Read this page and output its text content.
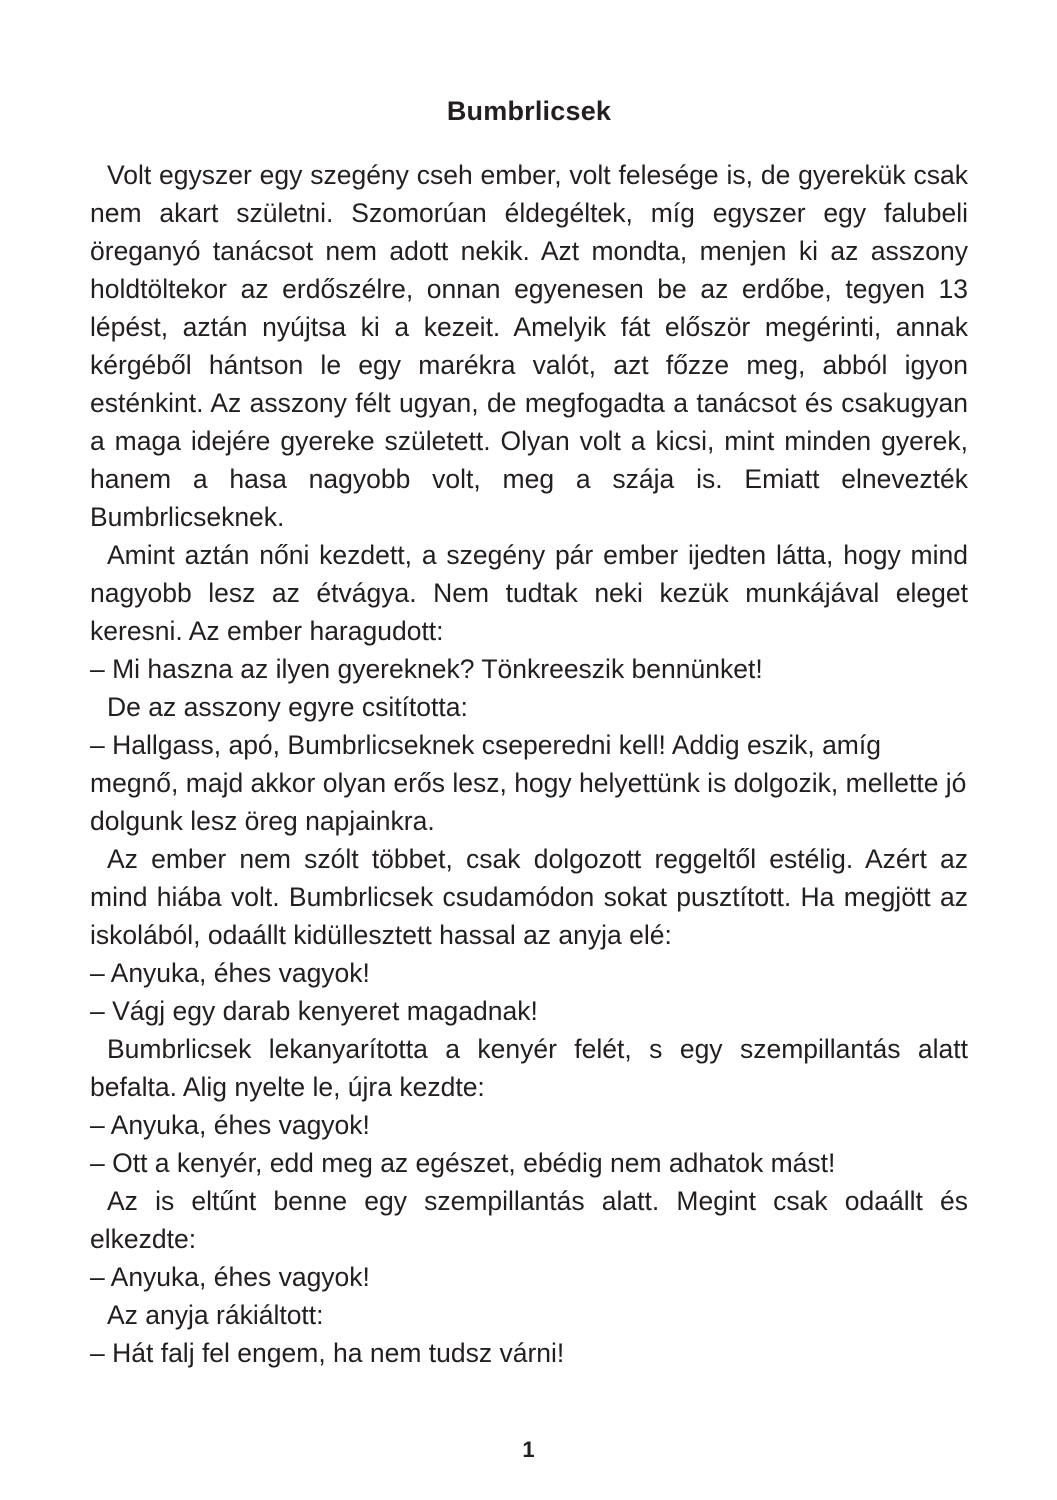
Bumbrlicsek

Volt egyszer egy szegény cseh ember, volt felesége is, de gyerekük csak nem akart születni. Szomorúan éldegéltek, míg egyszer egy falubeli öreganyó tanácsot nem adott nekik. Azt mondta, menjen ki az asszony holdtöltekor az erdőszélre, onnan egyenesen be az erdőbe, tegyen 13 lépést, aztán nyújtsa ki a kezeit. Amelyik fát először megérinti, annak kérgéből hántson le egy marékra valót, azt főzze meg, abból igyon esténkint. Az asszony félt ugyan, de megfogadta a tanácsot és csakugyan a maga idejére gyereke született. Olyan volt a kicsi, mint minden gyerek, hanem a hasa nagyobb volt, meg a szája is. Emiatt elnevezték Bumbrlicseknek.

Amint aztán nőni kezdett, a szegény pár ember ijedten látta, hogy mind nagyobb lesz az étvágya. Nem tudtak neki kezük munkájával eleget keresni. Az ember haragudott:

– Mi haszna az ilyen gyereknek? Tönkreeszik bennünket!

De az asszony egyre csitította:

– Hallgass, apó, Bumbrlicseknek cseperedni kell! Addig eszik, amíg megnő, majd akkor olyan erős lesz, hogy helyettünk is dolgozik, mellette jó dolgunk lesz öreg napjainkra.

Az ember nem szólt többet, csak dolgozott reggeltől estélig. Azért az mind hiába volt. Bumbrlicsek csudamódon sokat pusztított. Ha megjött az iskolából, odaállt kidüllesztett hassal az anyja elé:

– Anyuka, éhes vagyok!

– Vágj egy darab kenyeret magadnak!

Bumbrlicsek lekanyarította a kenyér felét, s egy szempillantás alatt befalta. Alig nyelte le, újra kezdte:

– Anyuka, éhes vagyok!

– Ott a kenyér, edd meg az egészet, ebédig nem adhatok mást!

Az is eltűnt benne egy szempillantás alatt. Megint csak odaállt és elkezdte:

– Anyuka, éhes vagyok!

Az anyja rákiáltott:

– Hát falj fel engem, ha nem tudsz várni!

1
